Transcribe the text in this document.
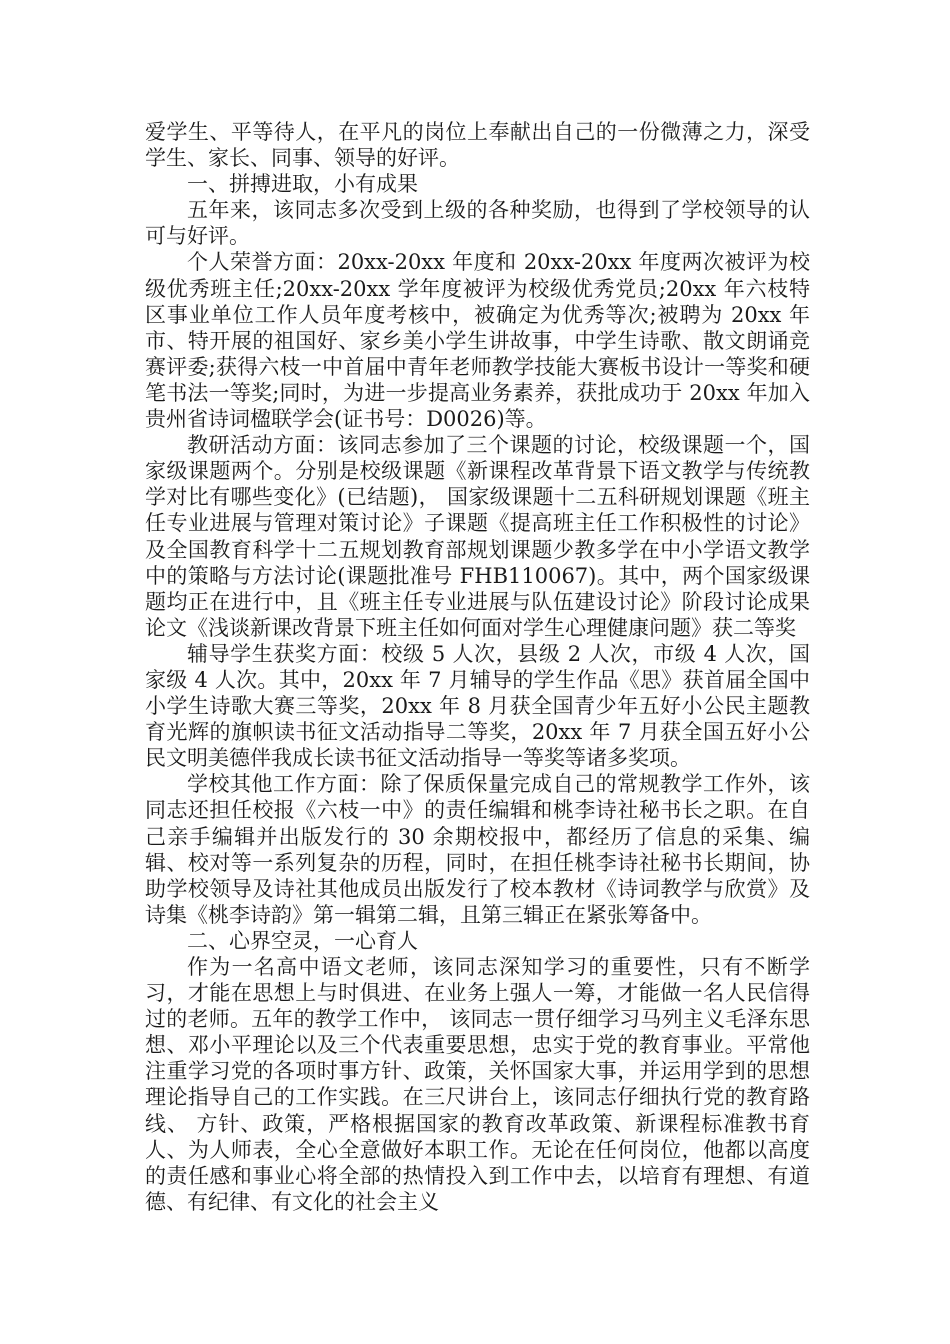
爱学生、平等待人，在平凡的岗位上奉献出自己的一份微薄之力，深受学生、家长、同事、领导的好评。

一、拼搏进取，小有成果

五年来，该同志多次受到上级的各种奖励，也得到了学校领导的认可与好评。

个人荣誉方面：20xx-20xx 年度和 20xx-20xx 年度两次被评为校级优秀班主任;20xx-20xx 学年度被评为校级优秀党员;20xx 年六枝特区事业单位工作人员年度考核中，被确定为优秀等次;被聘为 20xx 年市、特开展的祖国好、家乡美小学生讲故事，中学生诗歌、散文朗诵竞赛评委;获得六枝一中首届中青年老师教学技能大赛板书设计一等奖和硬笔书法一等奖;同时，为进一步提高业务素养，获批成功于 20xx 年加入贵州省诗词楹联学会(证书号：D0026)等。

教研活动方面：该同志参加了三个课题的讨论，校级课题一个，国家级课题两个。分别是校级课题《新课程改革背景下语文教学与传统教学对比有哪些变化》(已结题)， 国家级课题十二五科研规划课题《班主任专业进展与管理对策讨论》子课题《提高班主任工作积极性的讨论》及全国教育科学十二五规划教育部规划课题少教多学在中小学语文教学中的策略与方法讨论(课题批准号 FHB110067)。其中，两个国家级课题均正在进行中，且《班主任专业进展与队伍建设讨论》阶段讨论成果论文《浅谈新课改背景下班主任如何面对学生心理健康问题》获二等奖

辅导学生获奖方面：校级 5 人次，县级 2 人次，市级 4 人次，国家级 4 人次。其中，20xx 年 7 月辅导的学生作品《思》获首届全国中小学生诗歌大赛三等奖，20xx 年 8 月获全国青少年五好小公民主题教育光辉的旗帜读书征文活动指导二等奖，20xx 年 7 月获全国五好小公民文明美德伴我成长读书征文活动指导一等奖等诸多奖项。

学校其他工作方面：除了保质保量完成自己的常规教学工作外，该同志还担任校报《六枝一中》的责任编辑和桃李诗社秘书长之职。在自己亲手编辑并出版发行的 30 余期校报中，都经历了信息的采集、编辑、校对等一系列复杂的历程，同时，在担任桃李诗社秘书长期间，协助学校领导及诗社其他成员出版发行了校本教材《诗词教学与欣赏》及诗集《桃李诗韵》第一辑第二辑，且第三辑正在紧张筹备中。

二、心界空灵，一心育人

作为一名高中语文老师，该同志深知学习的重要性，只有不断学习，才能在思想上与时俱进、在业务上强人一筹，才能做一名人民信得过的老师。五年的教学工作中， 该同志一贯仔细学习马列主义毛泽东思想、邓小平理论以及三个代表重要思想，忠实于党的教育事业。平常他注重学习党的各项时事方针、政策，关怀国家大事，并运用学到的思想理论指导自己的工作实践。在三尺讲台上，该同志仔细执行党的教育路线、 方针、政策，严格根据国家的教育改革政策、新课程标准教书育人、为人师表，全心全意做好本职工作。无论在任何岗位，他都以高度的责任感和事业心将全部的热情投入到工作中去，以培育有理想、有道德、有纪律、有文化的社会主义
